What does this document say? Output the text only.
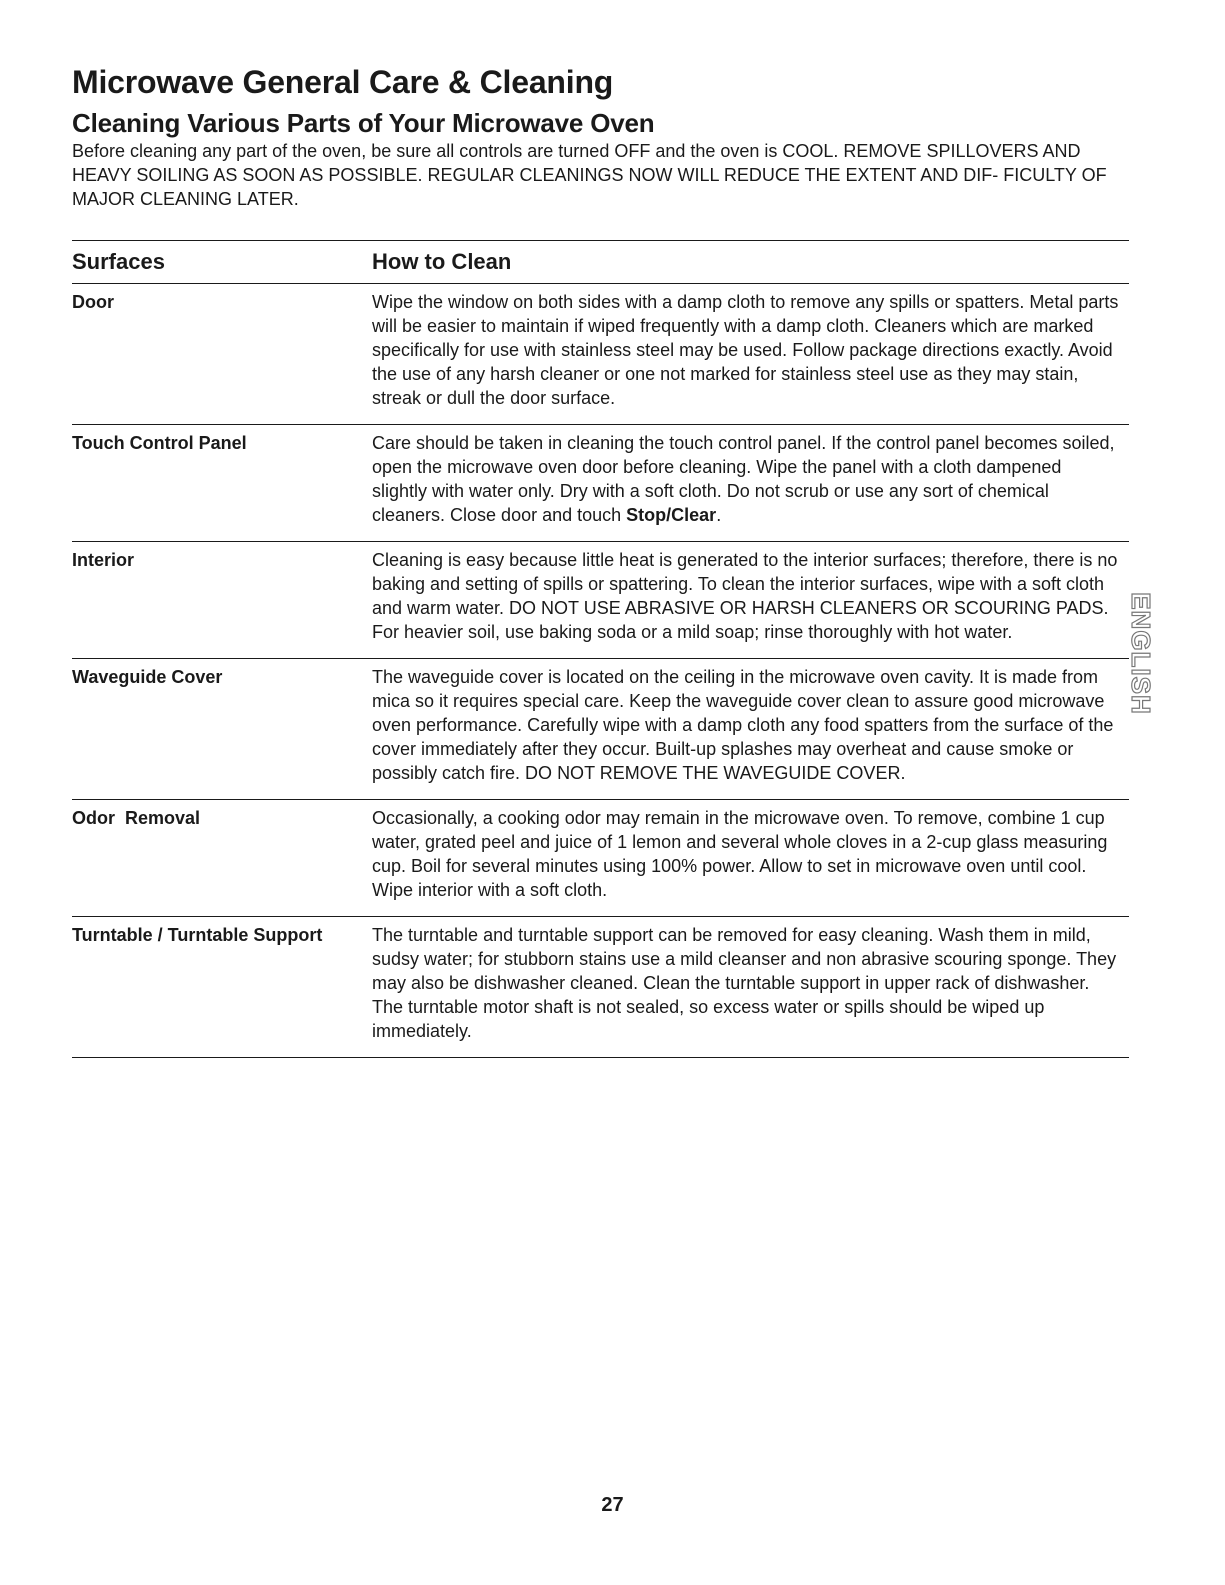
Microwave General Care & Cleaning
Cleaning Various Parts of Your Microwave Oven

Before cleaning any part of the oven, be sure all controls are turned OFF and the oven is COOL. REMOVE SPILLOVERS AND HEAVY SOILING AS SOON AS POSSIBLE. REGULAR CLEANINGS NOW WILL REDUCE THE EXTENT AND DIF- FICULTY OF MAJOR CLEANING LATER.

Surfaces	How to Clean
Door	Wipe the window on both sides with a damp cloth to remove any spills or spatters. Metal parts will be easier to maintain if wiped frequently with a damp cloth. Cleaners which are marked specifically for use with stainless steel may be used. Follow package directions exactly. Avoid the use of any harsh cleaner or one not marked for stainless steel use as they may stain, streak or dull the door surface.
Touch Control Panel	Care should be taken in cleaning the touch control panel. If the control panel becomes soiled, open the microwave oven door before cleaning. Wipe the panel with a cloth dampened slightly with water only. Dry with a soft cloth. Do not scrub or use any sort of chemical cleaners. Close door and touch Stop/Clear.
Interior	Cleaning is easy because little heat is generated to the interior surfaces; therefore, there is no baking and setting of spills or spattering. To clean the interior surfaces, wipe with a soft cloth and warm water. DO NOT USE ABRASIVE OR HARSH CLEANERS OR SCOURING PADS. For heavier soil, use baking soda or a mild soap; rinse thoroughly with hot water.
Waveguide Cover	The waveguide cover is located on the ceiling in the microwave oven cavity. It is made from mica so it requires special care. Keep the waveguide cover clean to assure good microwave oven performance. Carefully wipe with a damp cloth any food spatters from the surface of the cover immediately after they occur. Built-up splashes may overheat and cause smoke or possibly catch fire. DO NOT REMOVE THE WAVEGUIDE COVER.
Odor  Removal	Occasionally, a cooking odor may remain in the microwave oven. To remove, combine 1 cup water, grated peel and juice of 1 lemon and several whole cloves in a 2-cup glass measuring cup. Boil for several minutes using 100% power. Allow to set in microwave oven until cool. Wipe interior with a soft cloth.
Turntable / Turntable Support	The turntable and turntable support can be removed for easy cleaning. Wash them in mild, sudsy water; for stubborn stains use a mild cleanser and non abrasive scouring sponge. They may also be dishwasher cleaned. Clean the turntable support in upper rack of dishwasher. The turntable motor shaft is not sealed, so excess water or spills should be wiped up immediately.
ENGLISH
27
